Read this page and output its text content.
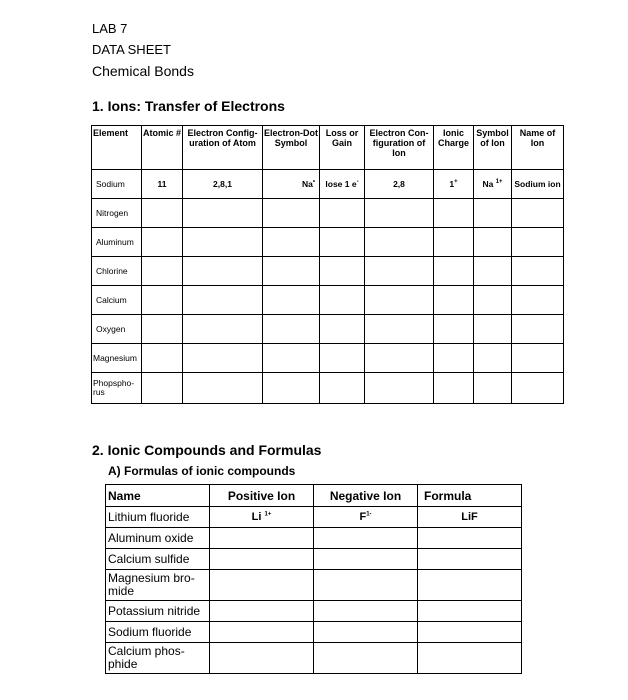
LAB 7
DATA SHEET
Chemical Bonds
1. Ions: Transfer of Electrons
Element	Atomic #	Electron Config-uration of Atom	Electron-Dot Symbol	Loss or Gain	Electron Con-figuration of Ion	Ionic Charge	Symbol of Ion	Name of Ion
Sodium	11	2,8,1	Na•	lose 1 e-	2,8	1+	Na $^{1+}$	Sodium ion
Nitrogen								
Aluminum								
Chlorine								
Calcium								
Oxygen								
Magnesium								
Phopspho-rus								
2. Ionic Compounds and Formulas
A) Formulas of ionic compounds
Name	Positive Ion	Negative Ion	Formula
Lithium fluoride	Li $^{1+}$	$F^{1-}$	LiF
Aluminum oxide			
Calcium sulfide			
Magnesium bro-mide			
Potassium nitride			
Sodium fluoride			
Calcium phos-phide			
